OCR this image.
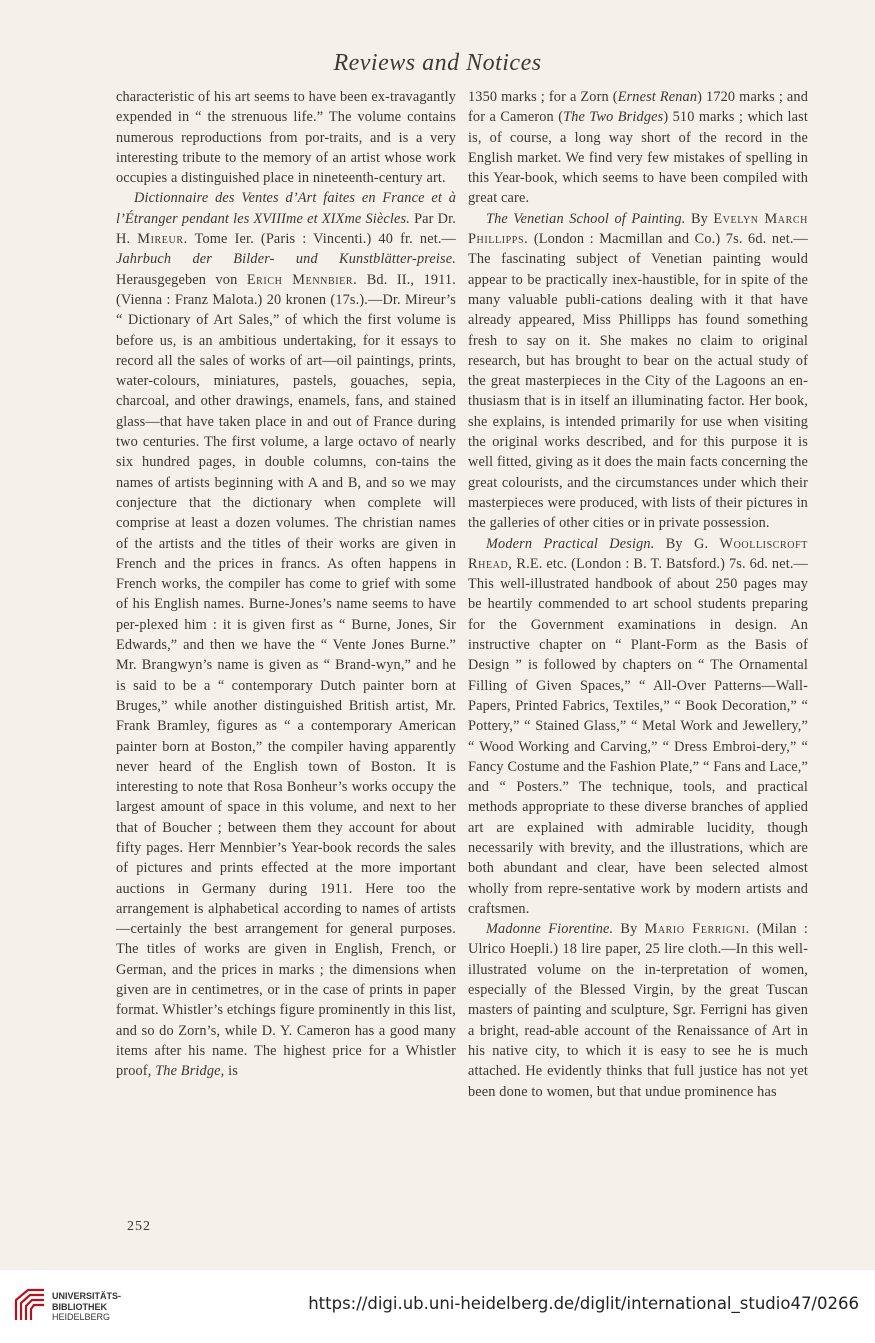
Reviews and Notices

characteristic of his art seems to have been ex-travagantly expended in “ the strenuous life.” The volume contains numerous reproductions from por-traits, and is a very interesting tribute to the memory of an artist whose work occupies a distinguished place in nineteenth-century art.

Dictionnaire des Ventes d’Art faites en France et à l’Étranger pendant les XVIIIme et XIXme Siècles. Par Dr. H. Mireur. Tome Ier. (Paris : Vincenti.) 40 fr. net.—Jahrbuch der Bilder- und Kunstblätter-preise. Herausgegeben von Erich Mennbier. Bd. II., 1911. (Vienna : Franz Malota.) 20 kronen (17s.).—Dr. Mireur’s “ Dictionary of Art Sales,” of which the first volume is before us, is an ambitious undertaking, for it essays to record all the sales of works of art—oil paintings, prints, water-colours, miniatures, pastels, gouaches, sepia, charcoal, and other drawings, enamels, fans, and stained glass—that have taken place in and out of France during two centuries. The first volume, a large octavo of nearly six hundred pages, in double columns, con-tains the names of artists beginning with A and B, and so we may conjecture that the dictionary when complete will comprise at least a dozen volumes. The christian names of the artists and the titles of their works are given in French and the prices in francs. As often happens in French works, the compiler has come to grief with some of his English names. Burne-Jones’s name seems to have per-plexed him : it is given first as “ Burne, Jones, Sir Edwards,” and then we have the “ Vente Jones Burne.” Mr. Brangwyn’s name is given as “ Brand-wyn,” and he is said to be a “ contemporary Dutch painter born at Bruges,” while another distinguished British artist, Mr. Frank Bramley, figures as “ a contemporary American painter born at Boston,” the compiler having apparently never heard of the English town of Boston. It is interesting to note that Rosa Bonheur’s works occupy the largest amount of space in this volume, and next to her that of Boucher ; between them they account for about fifty pages. Herr Mennbier’s Year-book records the sales of pictures and prints effected at the more important auctions in Germany during 1911. Here too the arrangement is alphabetical according to names of artists—certainly the best arrangement for general purposes. The titles of works are given in English, French, or German, and the prices in marks ; the dimensions when given are in centimetres, or in the case of prints in paper format. Whistler’s etchings figure prominently in this list, and so do Zorn’s, while D. Y. Cameron has a good many items after his name. The highest price for a Whistler proof, The Bridge, is

1350 marks ; for a Zorn (Ernest Renan) 1720 marks ; and for a Cameron (The Two Bridges) 510 marks ; which last is, of course, a long way short of the record in the English market. We find very few mistakes of spelling in this Year-book, which seems to have been compiled with great care.

The Venetian School of Painting. By Evelyn March Phillipps. (London : Macmillan and Co.) 7s. 6d. net.—The fascinating subject of Venetian painting would appear to be practically inex-haustible, for in spite of the many valuable publi-cations dealing with it that have already appeared, Miss Phillipps has found something fresh to say on it. She makes no claim to original research, but has brought to bear on the actual study of the great masterpieces in the City of the Lagoons an en-thusiasm that is in itself an illuminating factor. Her book, she explains, is intended primarily for use when visiting the original works described, and for this purpose it is well fitted, giving as it does the main facts concerning the great colourists, and the circumstances under which their masterpieces were produced, with lists of their pictures in the galleries of other cities or in private possession.

Modern Practical Design. By G. Woolliscroft Rhead, R.E. etc. (London : B. T. Batsford.) 7s. 6d. net.—This well-illustrated handbook of about 250 pages may be heartily commended to art school students preparing for the Government examinations in design. An instructive chapter on “ Plant-Form as the Basis of Design ” is followed by chapters on “ The Ornamental Filling of Given Spaces,” “ All-Over Patterns—Wall-Papers, Printed Fabrics, Textiles,” “ Book Decoration,” “ Pottery,” “ Stained Glass,” “ Metal Work and Jewellery,” “ Wood Working and Carving,” “ Dress Embroi-dery,” “ Fancy Costume and the Fashion Plate,” “ Fans and Lace,” and “ Posters.” The technique, tools, and practical methods appropriate to these diverse branches of applied art are explained with admirable lucidity, though necessarily with brevity, and the illustrations, which are both abundant and clear, have been selected almost wholly from repre-sentative work by modern artists and craftsmen.

Madonne Fiorentine. By Mario Ferrigni. (Milan : Ulrico Hoepli.) 18 lire paper, 25 lire cloth.—In this well-illustrated volume on the in-terpretation of women, especially of the Blessed Virgin, by the great Tuscan masters of painting and sculpture, Sgr. Ferrigni has given a bright, read-able account of the Renaissance of Art in his native city, to which it is easy to see he is much attached. He evidently thinks that full justice has not yet been done to women, but that undue prominence has

252
UNIVERSITÄTS-
BIBLIOTHEK
HEIDELBERG
https://digi.ub.uni-heidelberg.de/diglit/international_studio47/0266
